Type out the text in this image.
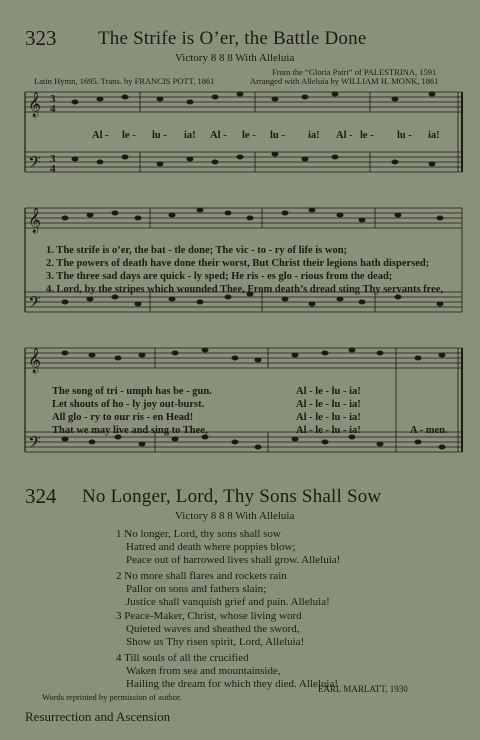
323 The Strife is O’er, the Battle Done
Victory 8 8 8 With Alleluia
From the “Gloria Patri” of PALESTRINA, 1591
Latin Hymn, 1695. Trans. by FRANCIS POTT, 1861	Arranged with Alleluia by WILLIAM H. MONK, 1861
𝄞
𝄢
3
4
3
4
Al - le - lu - ia! Al - le - lu - ia! Al - le - lu - ia!
𝄞
𝄢
1. The strife is o’er, the bat - tle done; The vic - to - ry of life is won;
2. The powers of death have done their worst, But Christ their legions hath dispersed;
3. The three sad days are quick - ly sped; He ris - es glo - rious from the dead;
4. Lord, by the stripes which wounded Thee, From death’s dread sting Thy servants free,
𝄞
𝄢
The song of tri - umph has be - gun.	Al - le - lu - ia!
Let shouts of ho - ly joy out-burst.	Al - le - lu - ia!
All glo - ry to our ris - en Head!	Al - le - lu - ia!
That we may live and sing to Thee,	Al - le - lu - ia!	A - men.
324 No Longer, Lord, Thy Sons Shall Sow
Victory 8 8 8 With Alleluia
1 No longer, Lord, thy sons shall sow
Hatred and death where poppies blow;
Peace out of harrowed lives shall grow. Alleluia!
2 No more shall flares and rockets rain
Pallor on sons and fathers slain;
Justice shall vanquish grief and pain. Alleluia!
3 Peace-Maker, Christ, whose living word
Quieted waves and sheathed the sword,
Show us Thy risen spirit, Lord, Alleluia!
4 Till souls of all the crucified
Waken from sea and mountainside,
Hailing the dream for which they died. Alleluia!
EARL MARLATT, 1930
Words reprinted by permission of author.
Resurrection and Ascension
